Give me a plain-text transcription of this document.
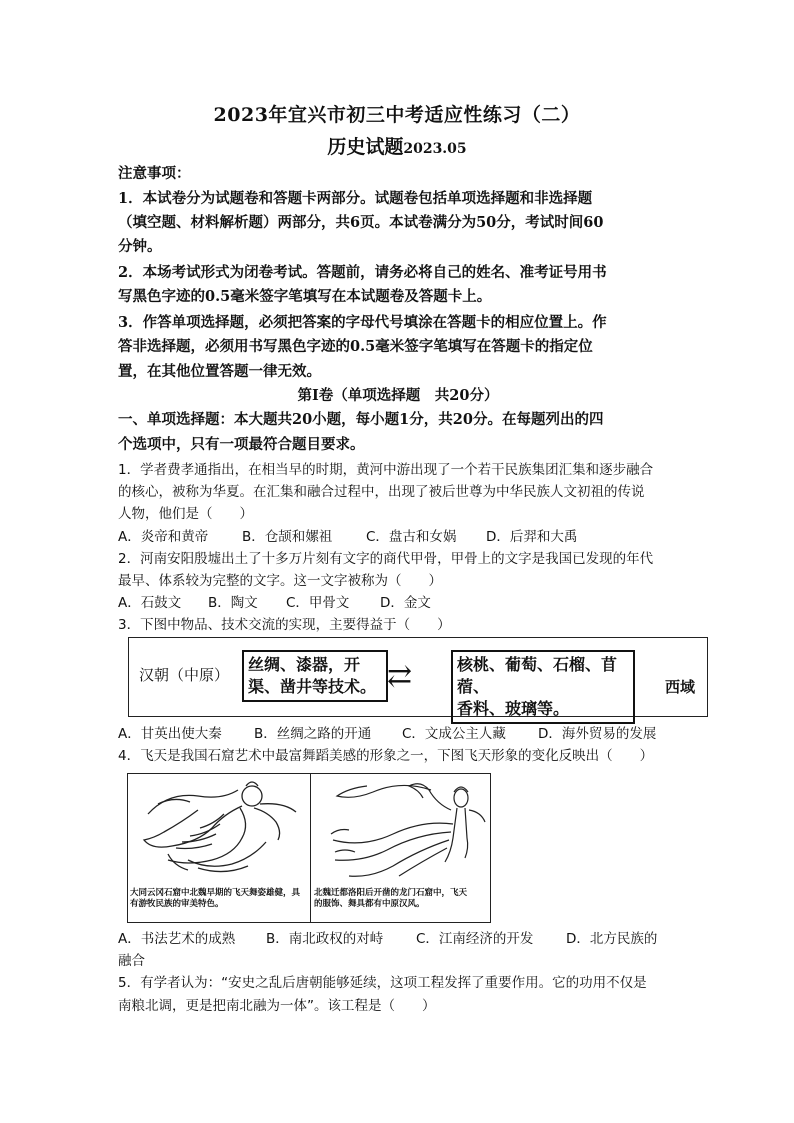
2023年宜兴市初三中考适应性练习（二）
历史试题2023.05
注意事项：
1．本试卷分为试题卷和答题卡两部分。试题卷包括单项选择题和非选择题
（填空题、材料解析题）两部分，共6页。本试卷满分为50分，考试时间60
分钟。
2．本场考试形式为闭卷考试。答题前，请务必将自己的姓名、准考证号用书
写黑色字迹的0.5毫米签字笔填写在本试题卷及答题卡上。
3．作答单项选择题，必须把答案的字母代号填涂在答题卡的相应位置上。作
答非选择题，必须用书写黑色字迹的0.5毫米签字笔填写在答题卡的指定位
置，在其他位置答题一律无效。
第Ⅰ卷（单项选择题　共20分）
一、单项选择题：本大题共20小题，每小题1分，共20分。在每题列出的四
个选项中，只有一项最符合题目要求。
1．学者费孝通指出，在相当早的时期，黄河中游出现了一个若干民族集团汇集和逐步融合
的核心，被称为华夏。在汇集和融合过程中，出现了被后世尊为中华民族人文初祖的传说
人物，他们是（　　）
A．炎帝和黄帝	B．仓颉和嫘祖 C．盘古和女娲 D．后羿和大禹
2．河南安阳殷墟出土了十多万片刻有文字的商代甲骨，甲骨上的文字是我国已发现的年代
最早、体系较为完整的文字。这一文字被称为（　　）
A．石鼓文 B．陶文 C．甲骨文 D．金文
3．下图中物品、技术交流的实现，主要得益于（　　）
汉朝（中原）
丝绸、漆器，开
渠、凿井等技术。 ⇄	核桃、葡萄、石榴、苜蓿、
香料、玻璃等。
西域
A．甘英出使大秦 B．丝绸之路的开通 C．文成公主人藏 D．海外贸易的发展
4．飞天是我国石窟艺术中最富舞蹈美感的形象之一，下图飞天形象的变化反映出（　　）
大同云冈石窟中北魏早期的飞天舞姿雄健，具
有游牧民族的审美特色。
北魏迁都洛阳后开凿的龙门石窟中，飞天
的服饰、舞具都有中原汉风。
A．书法艺术的成熟 B．南北政权的对峙 C．江南经济的开发 D．北方民族的
融合
5．有学者认为：“安史之乱后唐朝能够延续，这项工程发挥了重要作用。它的功用不仅是
南粮北调，更是把南北融为一体”。该工程是（　　）
